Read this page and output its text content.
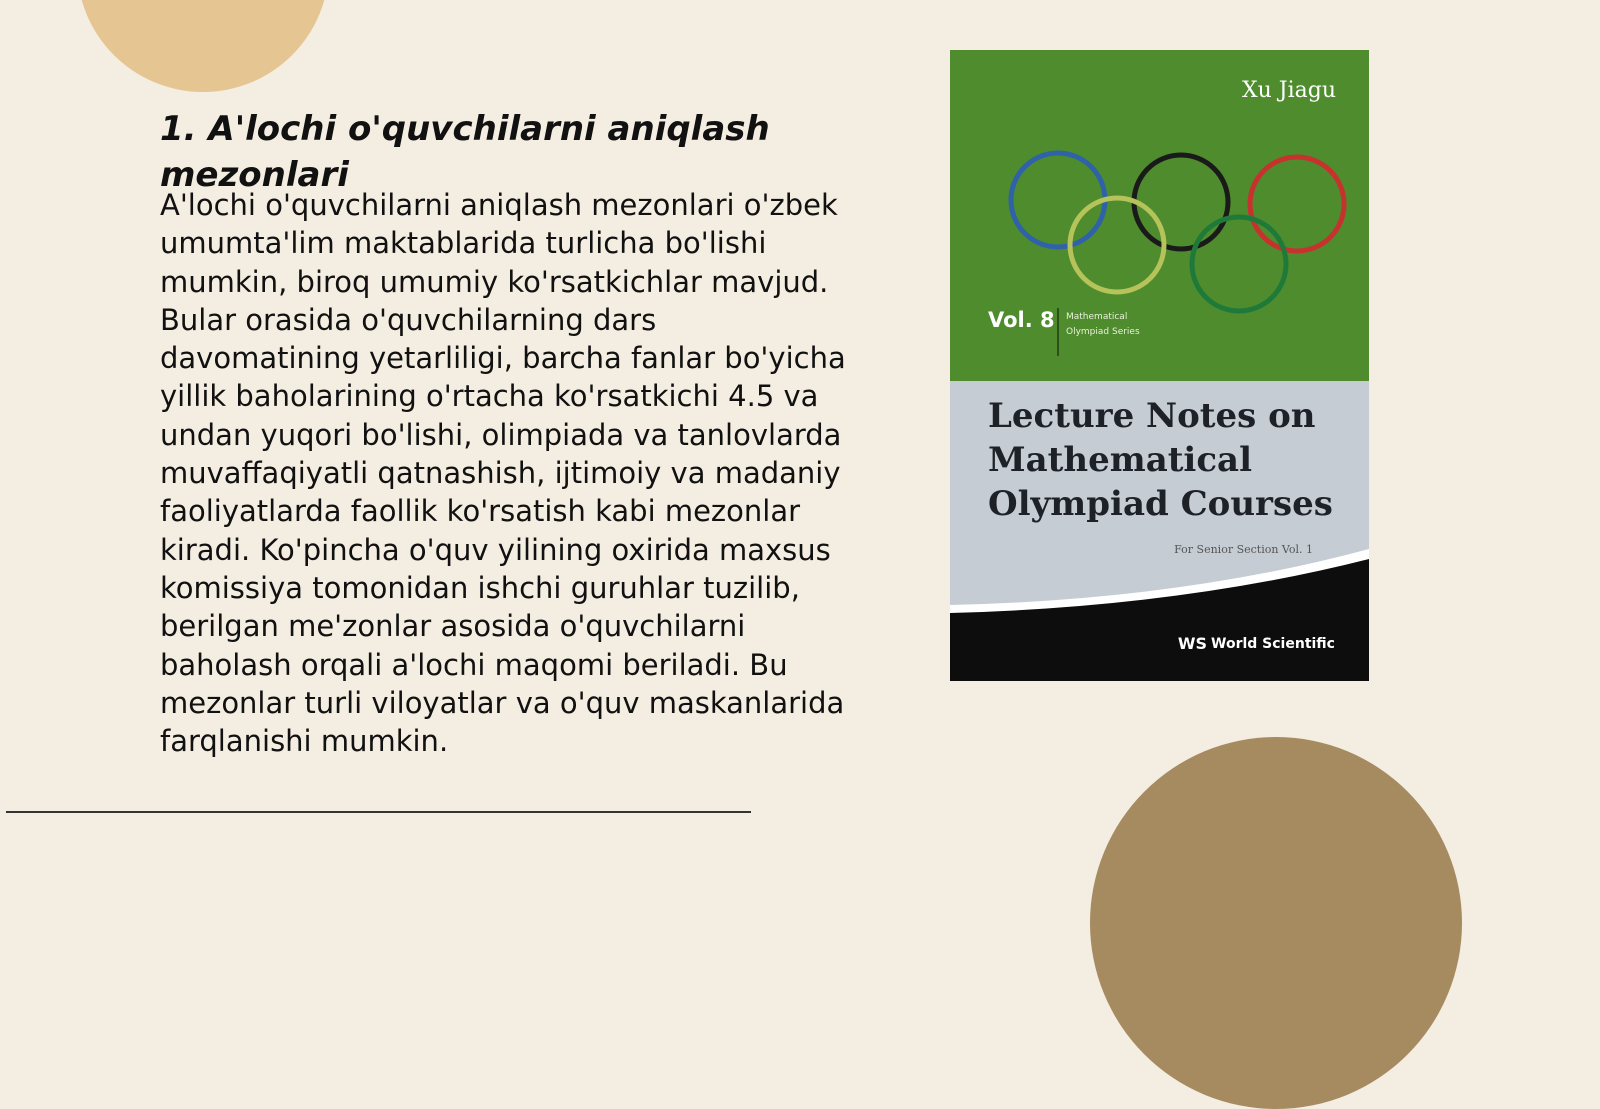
1. A'lochi o'quvchilarni aniqlash mezonlari

A'lochi o'quvchilarni aniqlash mezonlari o'zbek umumta'lim maktablarida turlicha bo'lishi mumkin, biroq umumiy ko'rsatkichlar mavjud. Bular orasida o'quvchilarning dars davomatining yetarliligi, barcha fanlar bo'yicha yillik baholarining o'rtacha ko'rsatkichi 4.5 va undan yuqori bo'lishi, olimpiada va tanlovlarda muvaffaqiyatli qatnashish, ijtimoiy va madaniy faoliyatlarda faollik ko'rsatish kabi mezonlar kiradi. Ko'pincha o'quv yilining oxirida maxsus komissiya tomonidan ishchi guruhlar tuzilib, berilgan me'zonlar asosida o'quvchilarni baholash orqali a'lochi maqomi beriladi. Bu mezonlar turli viloyatlar va o'quv maskanlarida farqlanishi mumkin.

Xu Jiagu
Vol. 8 Mathematical Olympiad Series
Lecture Notes on Mathematical Olympiad Courses
For Senior Section Vol. 1
WS World Scientific
